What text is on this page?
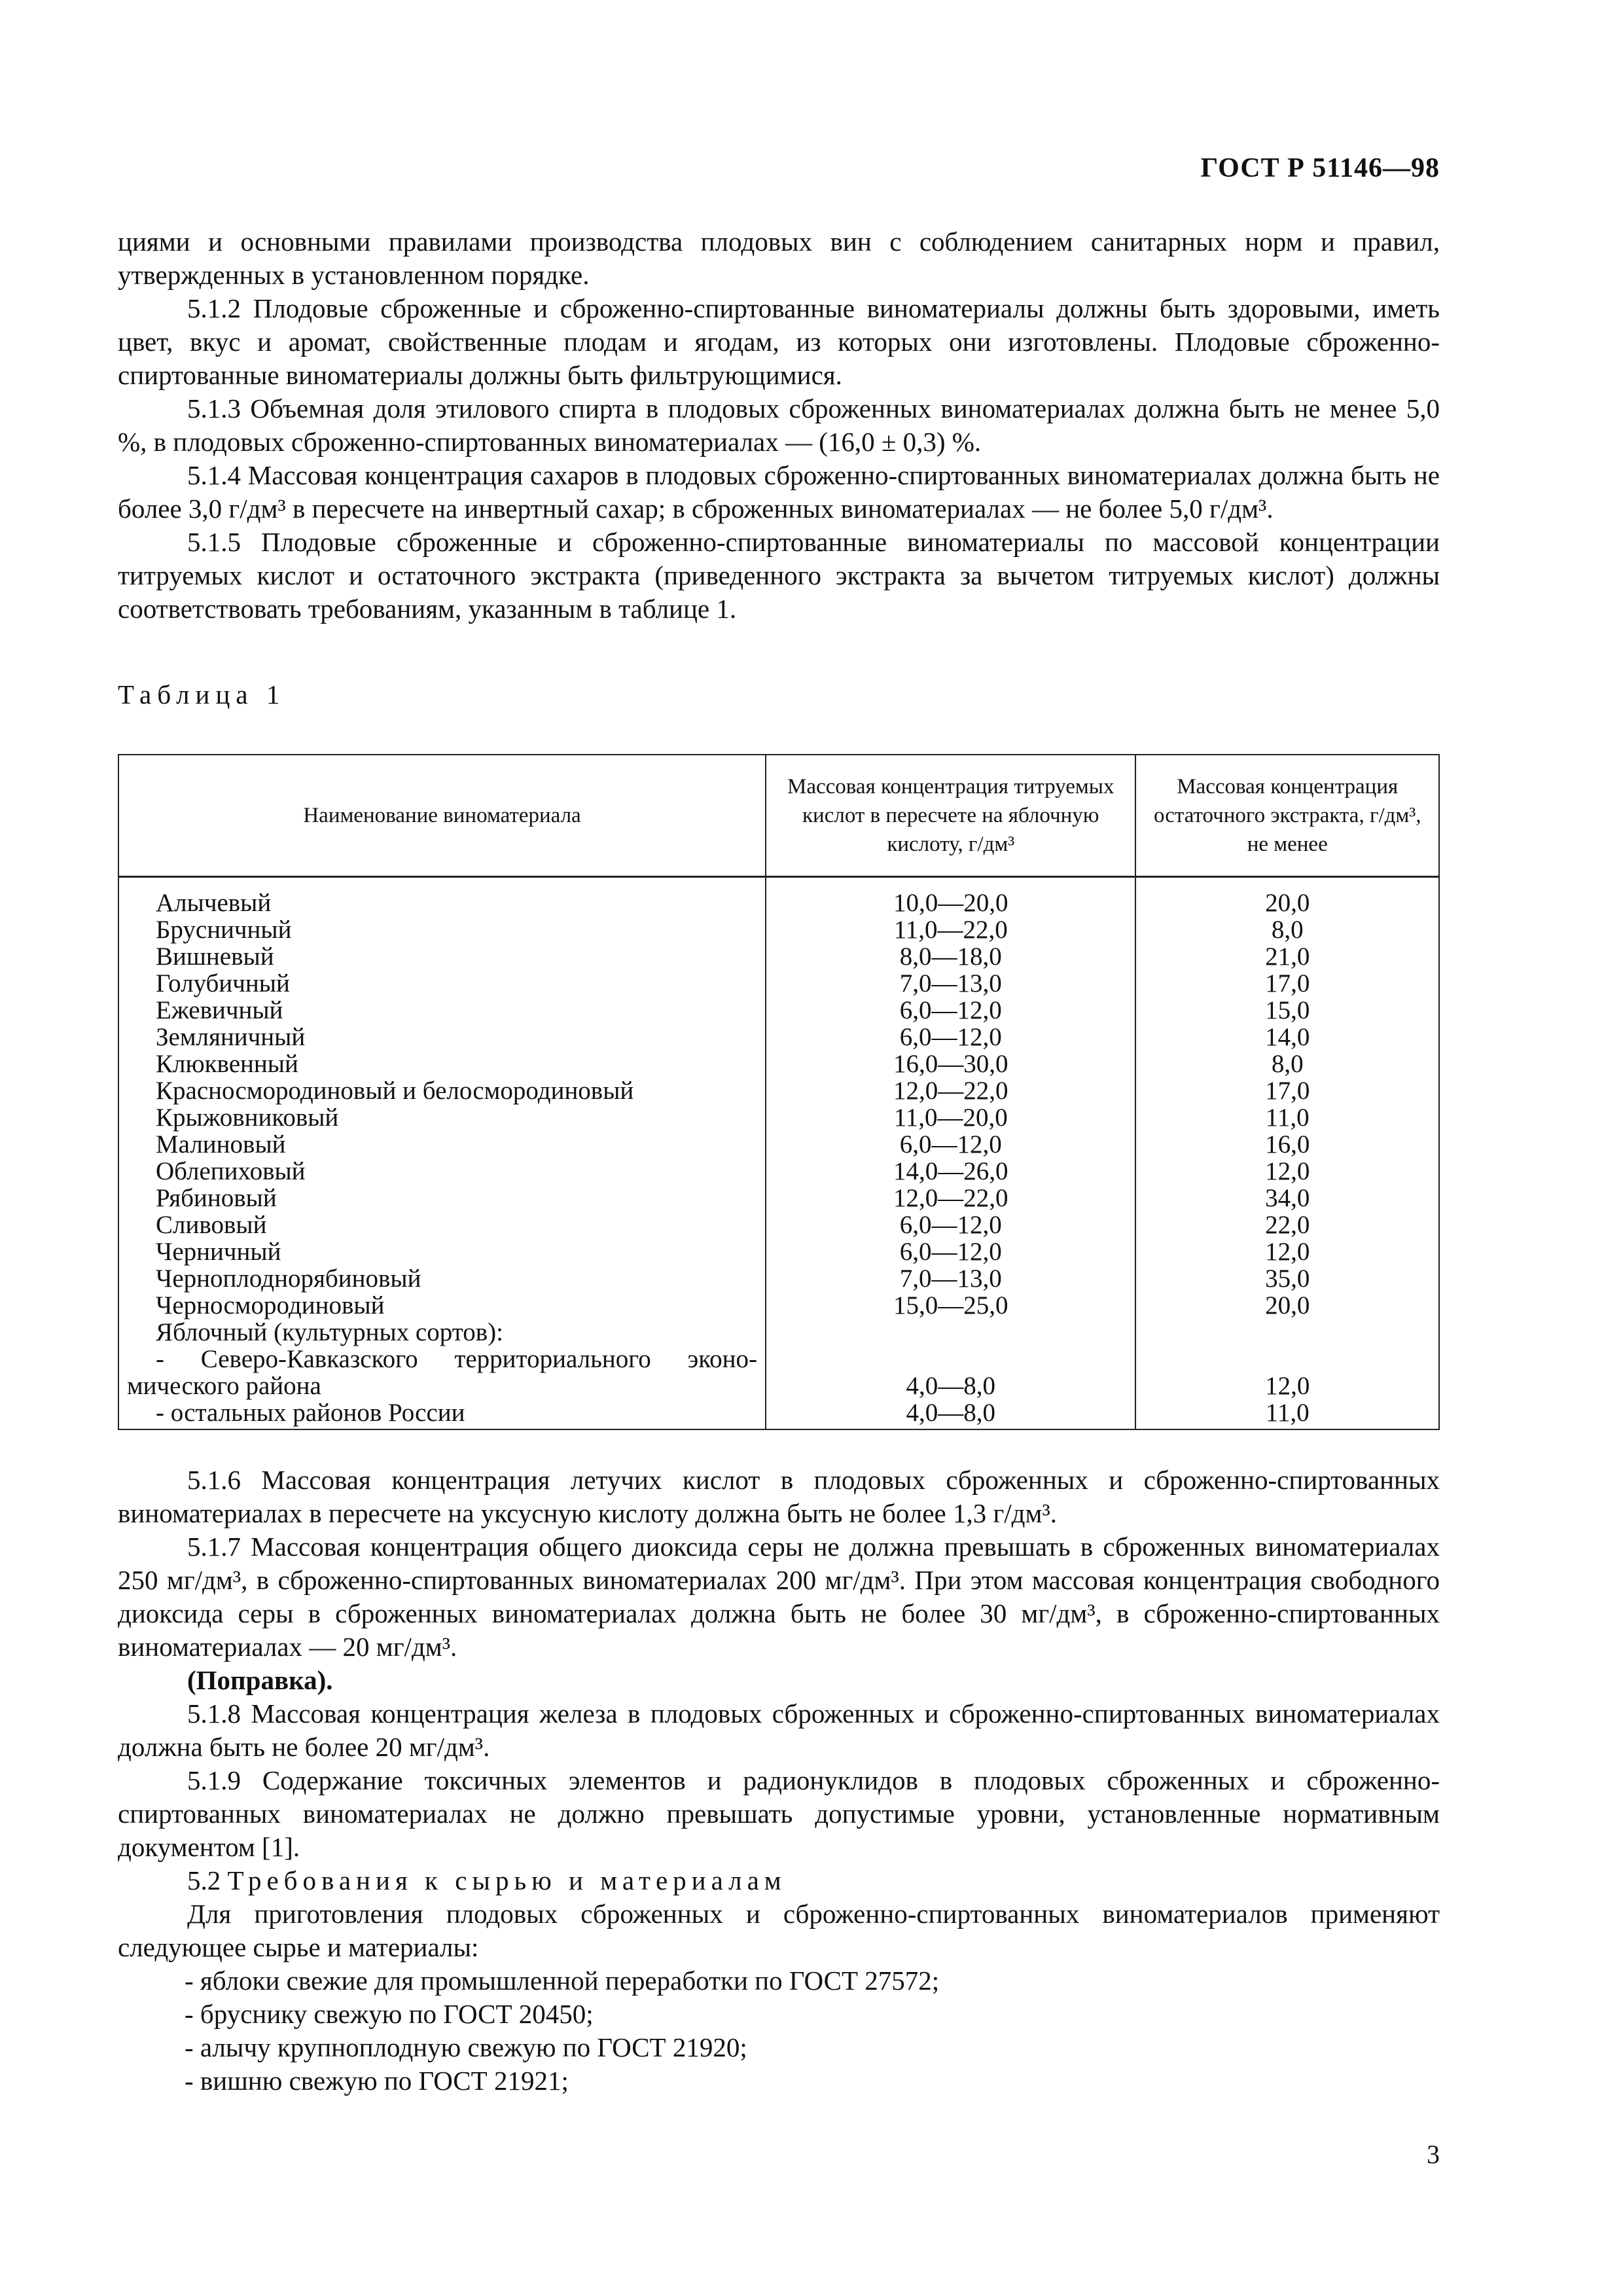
ГОСТ Р 51146—98

циями и основными правилами производства плодовых вин с соблюдением санитарных норм и правил, утвержденных в установленном порядке.

5.1.2 Плодовые сброженные и сброженно-спиртованные виноматериалы должны быть здоровыми, иметь цвет, вкус и аромат, свойственные плодам и ягодам, из которых они изготовлены. Плодовые сброженно-спиртованные виноматериалы должны быть фильтрующимися.

5.1.3 Объемная доля этилового спирта в плодовых сброженных виноматериалах должна быть не менее 5,0 %, в плодовых сброженно-спиртованных виноматериалах — (16,0 ± 0,3) %.

5.1.4 Массовая концентрация сахаров в плодовых сброженно-спиртованных виноматериалах должна быть не более 3,0 г/дм³ в пересчете на инвертный сахар; в сброженных виноматериалах — не более 5,0 г/дм³.

5.1.5 Плодовые сброженные и сброженно-спиртованные виноматериалы по массовой концентрации титруемых кислот и остаточного экстракта (приведенного экстракта за вычетом титруемых кислот) должны соответствовать требованиям, указанным в таблице 1.

Таблица 1
Наименование виноматериала	Массовая концентрация титруемых кислот в пересчете на яблочную кислоту, г/дм³	Массовая концентрация остаточного экстракта, г/дм³, не менее
Алычевый	10,0—20,0	20,0
Брусничный	11,0—22,0	8,0
Вишневый	8,0—18,0	21,0
Голубичный	7,0—13,0	17,0
Ежевичный	6,0—12,0	15,0
Земляничный	6,0—12,0	14,0
Клюквенный	16,0—30,0	8,0
Красносмородиновый и белосмородиновый	12,0—22,0	17,0
Крыжовниковый	11,0—20,0	11,0
Малиновый	6,0—12,0	16,0
Облепиховый	14,0—26,0	12,0
Рябиновый	12,0—22,0	34,0
Сливовый	6,0—12,0	22,0
Черничный	6,0—12,0	12,0
Черноплоднорябиновый	7,0—13,0	35,0
Черносмородиновый	15,0—25,0	20,0
Яблочный (культурных сортов):		
- Северо-Кавказского территориального эконо-		
мического района	4,0—8,0	12,0
- остальных районов России	4,0—8,0	11,0

5.1.6 Массовая концентрация летучих кислот в плодовых сброженных и сброженно-спиртованных виноматериалах в пересчете на уксусную кислоту должна быть не более 1,3 г/дм³.

5.1.7 Массовая концентрация общего диоксида серы не должна превышать в сброженных виноматериалах 250 мг/дм³, в сброженно-спиртованных виноматериалах 200 мг/дм³. При этом массовая концентрация свободного диоксида серы в сброженных виноматериалах должна быть не более 30 мг/дм³, в сброженно-спиртованных виноматериалах — 20 мг/дм³.

(Поправка).

5.1.8 Массовая концентрация железа в плодовых сброженных и сброженно-спиртованных виноматериалах должна быть не более 20 мг/дм³.

5.1.9 Содержание токсичных элементов и радионуклидов в плодовых сброженных и сброженно-спиртованных виноматериалах не должно превышать допустимые уровни, установленные нормативным документом [1].

5.2 Требования к сырью и материалам

Для приготовления плодовых сброженных и сброженно-спиртованных виноматериалов применяют следующее сырье и материалы:

- яблоки свежие для промышленной переработки по ГОСТ 27572;

- бруснику свежую по ГОСТ 20450;

- алычу крупноплодную свежую по ГОСТ 21920;

- вишню свежую по ГОСТ 21921;

3
